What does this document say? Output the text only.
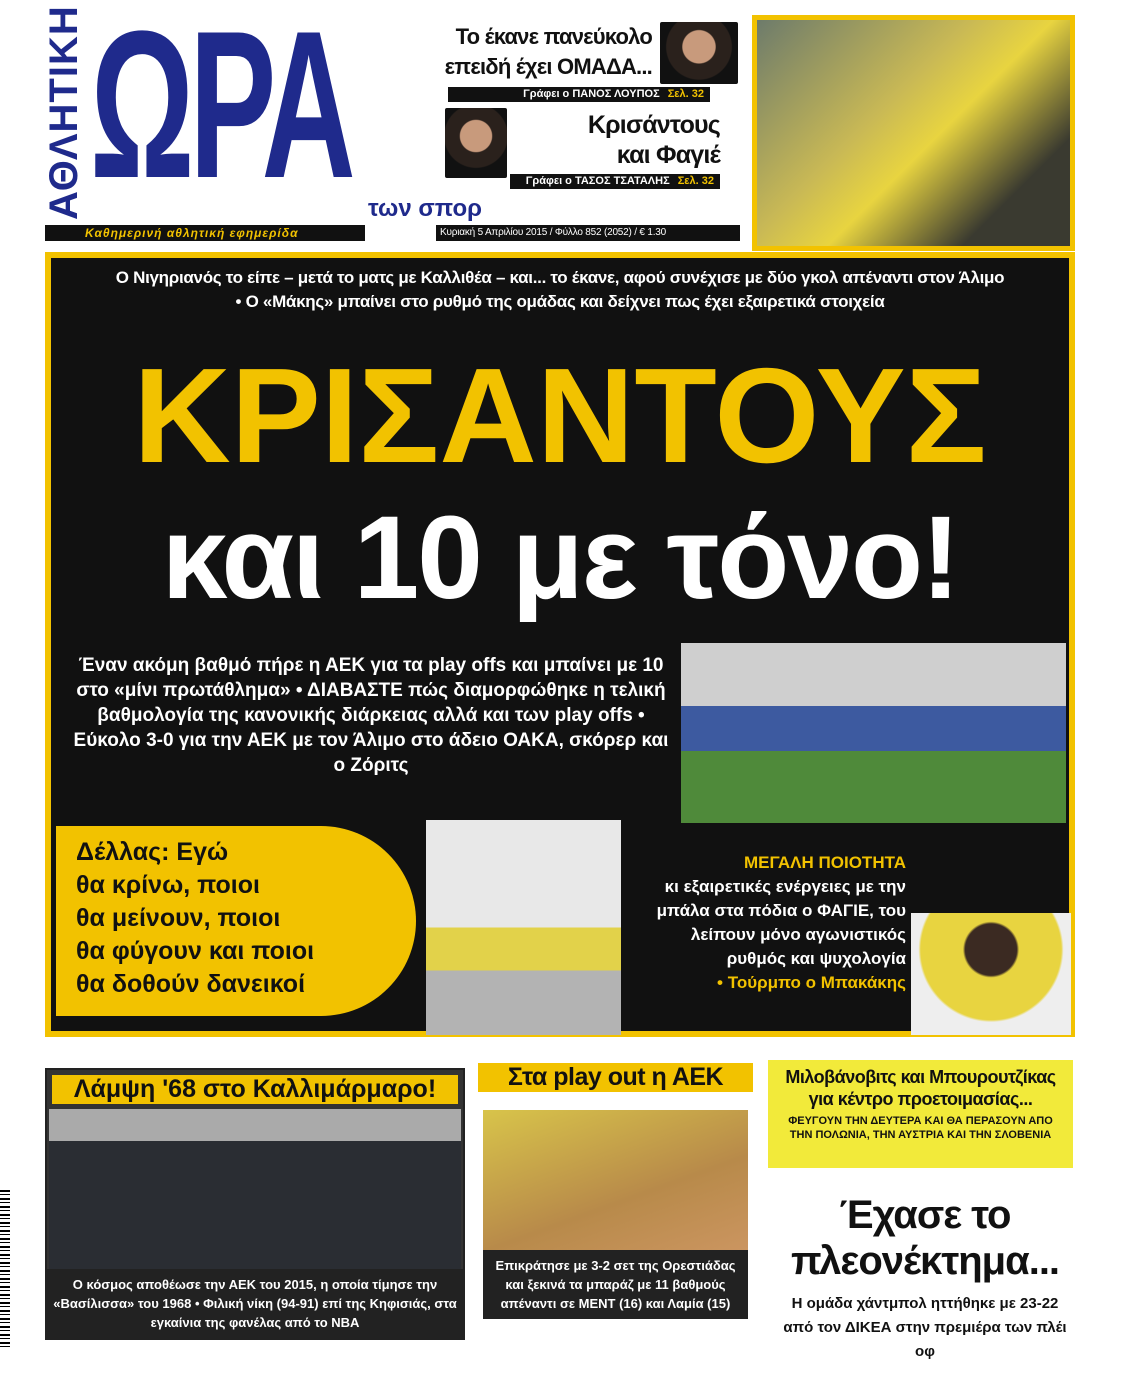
ΑΘΛΗΤΙΚΗ ΩΡΑ των σπορ
Καθημερινή αθλητική εφημερίδα	Κυριακή 5 Απριλίου 2015 / Φύλλο 852 (2052) / € 1.30
Το έκανε πανεύκολο
επειδή έχει ΟΜΑΔΑ...
Γράφει ο ΠΑΝΟΣ ΛΟΥΠΟΣ Σελ. 32
Κρισάντους
και Φαγιέ
Γράφει ο ΤΑΣΟΣ ΤΣΑΤΑΛΗΣ Σελ. 32
Ο Νιγηριανός το είπε – μετά το ματς με Καλλιθέα – και... το έκανε, αφού συνέχισε με δύο γκολ απέναντι στον Άλιμο
• Ο «Μάκης» μπαίνει στο ρυθμό της ομάδας και δείχνει πως έχει εξαιρετικά στοιχεία
ΚΡΙΣΑΝΤΟΥΣ
και 10 με τόνο!
Έναν ακόμη βαθμό πήρε η ΑΕΚ για τα play offs και μπαίνει με 10 στο «μίνι πρωτάθλημα» • ΔΙΑΒΑΣΤΕ πώς διαμορφώθηκε η τελική βαθμολογία της κανονικής διάρκειας αλλά και των play offs • Εύκολο 3-0 για την ΑΕΚ με τον Άλιμο στο άδειο ΟΑΚΑ, σκόρερ και ο Ζόριτς
Δέλλας: Εγώ
θα κρίνω, ποιοι
θα μείνουν, ποιοι
θα φύγουν και ποιοι
θα δοθούν δανεικοί
ΜΕΓΑΛΗ ΠΟΙΟΤΗΤΑ
κι εξαιρετικές ενέργειες με την μπάλα στα πόδια ο ΦΑΓΙΕ, του λείπουν μόνο αγωνιστικός ρυθμός και ψυχολογία
• Τούρμπο ο Μπακάκης
Λάμψη '68 στο Καλλιμάρμαρο!
Ο κόσμος αποθέωσε την ΑΕΚ του 2015, η οποία τίμησε την «Βασίλισσα» του 1968 • Φιλική νίκη (94-91) επί της Κηφισιάς, στα εγκαίνια της φανέλας από το NBA
Στα play out η ΑΕΚ
Επικράτησε με 3-2 σετ της Ορεστιάδας και ξεκινά τα μπαράζ με 11 βαθμούς απέναντι σε ΜΕΝΤ (16) και Λαμία (15)
Μιλοβάνοβιτς και Μπουρουτζίκας για κέντρο προετοιμασίας...
ΦΕΥΓΟΥΝ ΤΗΝ ΔΕΥΤΕΡΑ ΚΑΙ ΘΑ ΠΕΡΑΣΟΥΝ ΑΠΟ ΤΗΝ ΠΟΛΩΝΙΑ, ΤΗΝ ΑΥΣΤΡΙΑ ΚΑΙ ΤΗΝ ΣΛΟΒΕΝΙΑ
Έχασε το πλεονέκτημα...
Η ομάδα χάντμπολ ηττήθηκε με 23-22 από τον ΔΙΚΕΑ στην πρεμιέρα των πλέι οφ
